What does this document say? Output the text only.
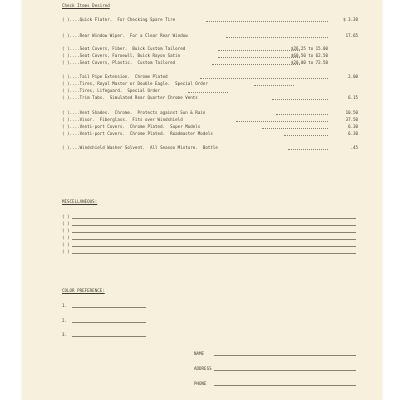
Check Items Desired
( )....Quick Flater.  For Checking Spare Tire	$ 3.30
( )....Rear Window Wiper.  For a Clear Rear Window	17.65
( )....Seat Covers, Fiber.  Buick Custom Tailored	$26.25 to 15.00
( )....Seat Covers, Faroewll, Buick Rayon Satin	$60.50 to 62.50
( )....Seat Covers, Plastic.  Custom Tailored	$20.00 to 72.50
( )....Tail Pipe Extension.  Chrome Plated	2.00
( )....Tires, Royal Master or Double Eagle.  Special Order
( )....Tires, Lifeguard.  Special Order
( )....Trim Tabs.  Simulated Rear Quarter Chrome Vents	6.15
( )....Vent Shades.  Chrome.  Protects against Sun & Rain	10.50
( )....Visor.  Fiberglass.  Fits over Windshield	37.50
( )....Venti-port Covers.  Chrome Plated.  Super Models	6.30
( )....Venti-port Covers.  Chrome Plated.  Roadmaster Models	6.30
( )....Windshield Washer Solvent.  All Season Mixture.  Bottle	.45
MISCELLANEOUS:
( )
( )
( )
( )
( )
( )
COLOR PREFERENCE:
1.
2.
3.
NAME
ADDRESS
PHONE
